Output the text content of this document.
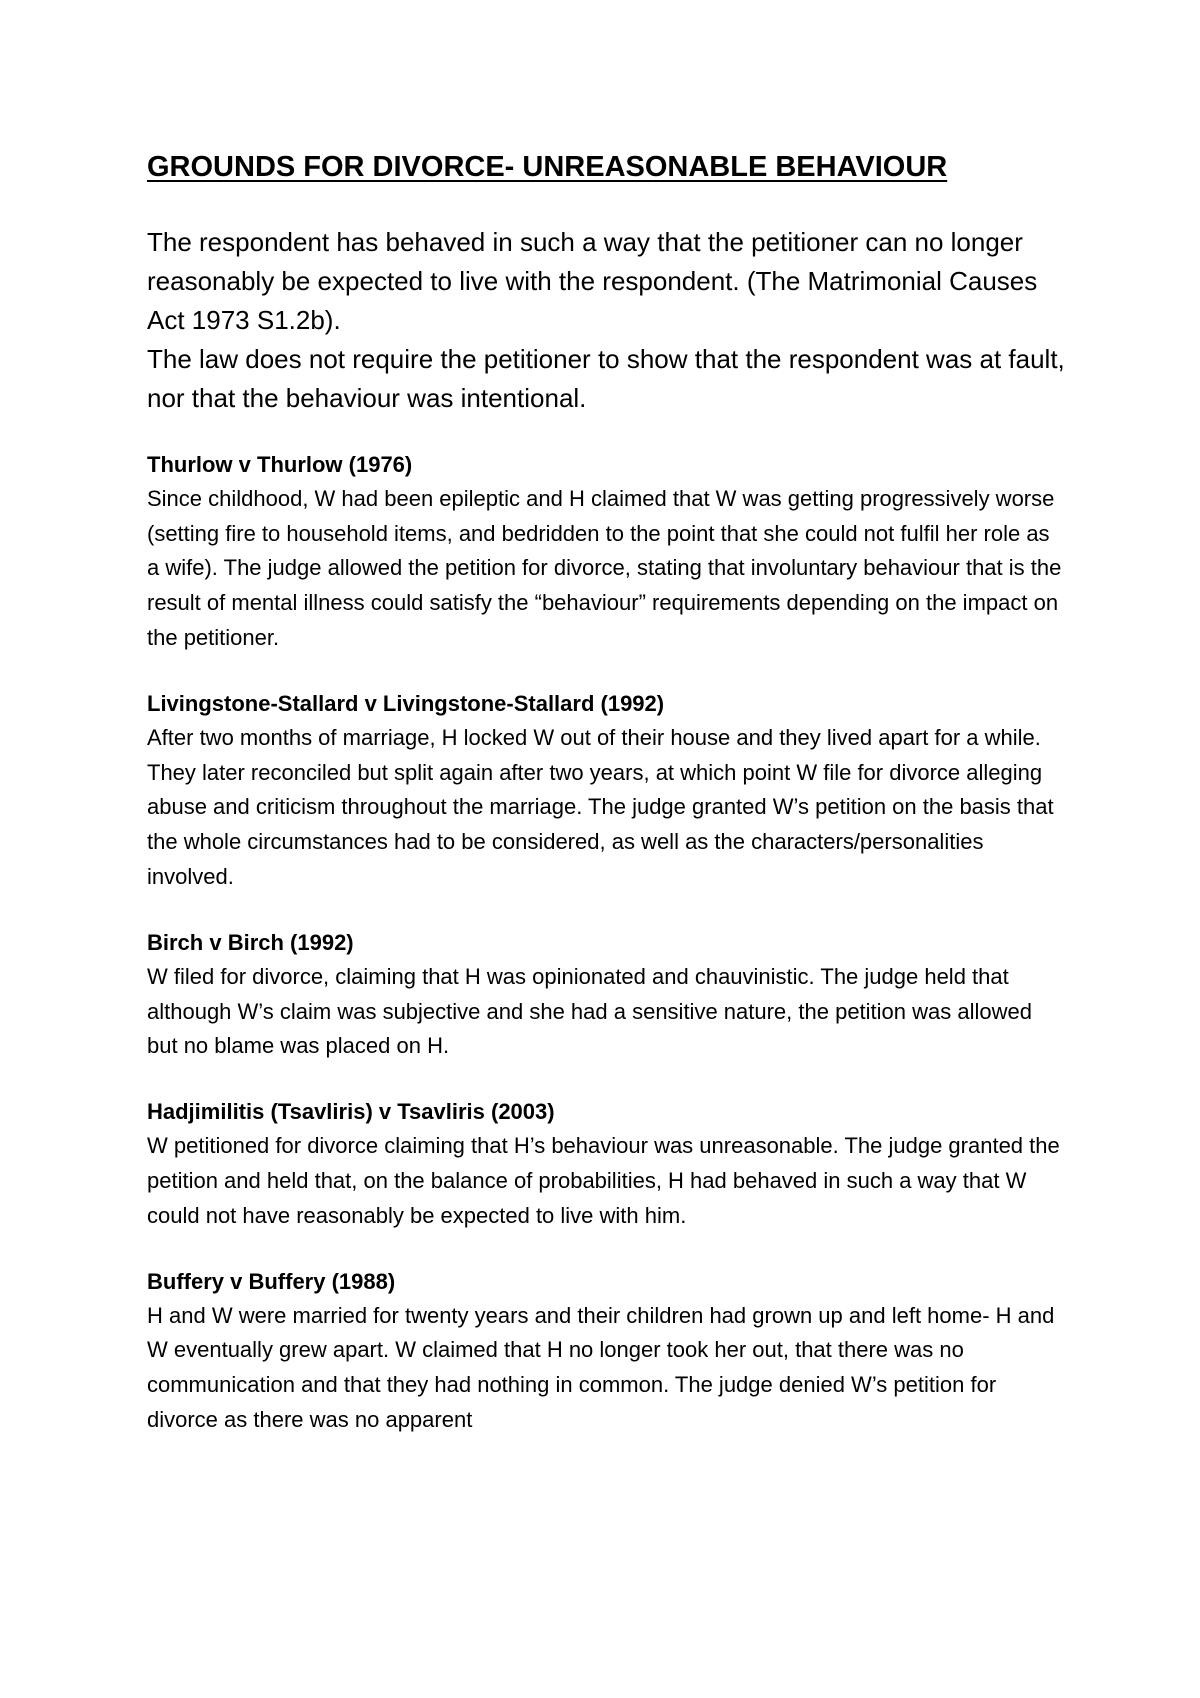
GROUNDS FOR DIVORCE- UNREASONABLE BEHAVIOUR

The respondent has behaved in such a way that the petitioner can no longer reasonably be expected to live with the respondent. (The Matrimonial Causes Act 1973 S1.2b).

The law does not require the petitioner to show that the respondent was at fault, nor that the behaviour was intentional.

Thurlow v Thurlow (1976)

Since childhood, W had been epileptic and H claimed that W was getting progressively worse (setting fire to household items, and bedridden to the point that she could not fulfil her role as a wife). The judge allowed the petition for divorce, stating that involuntary behaviour that is the result of mental illness could satisfy the “behaviour” requirements depending on the impact on the petitioner.

Livingstone-Stallard v Livingstone-Stallard (1992)

After two months of marriage, H locked W out of their house and they lived apart for a while. They later reconciled but split again after two years, at which point W file for divorce alleging abuse and criticism throughout the marriage. The judge granted W’s petition on the basis that the whole circumstances had to be considered, as well as the characters/personalities involved.

Birch v Birch (1992)

W filed for divorce, claiming that H was opinionated and chauvinistic. The judge held that although W’s claim was subjective and she had a sensitive nature, the petition was allowed but no blame was placed on H.

Hadjimilitis (Tsavliris) v Tsavliris (2003)

W petitioned for divorce claiming that H’s behaviour was unreasonable. The judge granted the petition and held that, on the balance of probabilities, H had behaved in such a way that W could not have reasonably be expected to live with him.

Buffery v Buffery (1988)

H and W were married for twenty years and their children had grown up and left home- H and W eventually grew apart. W claimed that H no longer took her out, that there was no communication and that they had nothing in common. The judge denied W’s petition for divorce as there was no apparent
